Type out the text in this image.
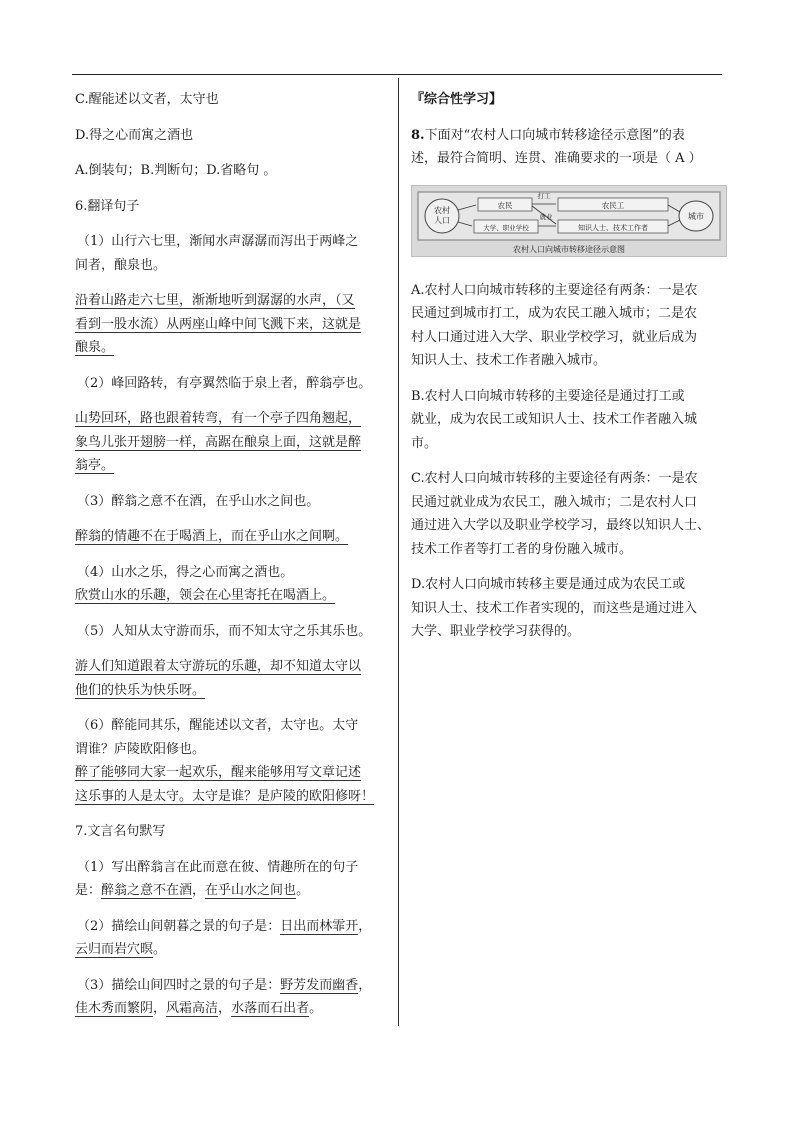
C.醒能述以文者，太守也

D.得之心而寓之酒也

A.倒装句；B.判断句；D.省略句 。

6.翻译句子

（1）山行六七里，渐闻水声潺潺而泻出于两峰之

间者，酿泉也。

沿着山路走六七里，渐渐地听到潺潺的水声，（又

看到一股水流）从两座山峰中间飞溅下来，这就是

酿泉。

（2）峰回路转，有亭翼然临于泉上者，醉翁亭也。

山势回环，路也跟着转弯，有一个亭子四角翘起，

象鸟儿张开翅膀一样，高踞在酿泉上面，这就是醉

翁亭。

（3）醉翁之意不在酒，在乎山水之间也。

醉翁的情趣不在于喝酒上，而在乎山水之间啊。

（4）山水之乐，得之心而寓之酒也。

欣赏山水的乐趣，领会在心里寄托在喝酒上。

（5）人知从太守游而乐，而不知太守之乐其乐也。

游人们知道跟着太守游玩的乐趣，却不知道太守以

他们的快乐为快乐呀。

（6）醉能同其乐，醒能述以文者，太守也。太守

谓谁？庐陵欧阳修也。

醉了能够同大家一起欢乐，醒来能够用写文章记述

这乐事的人是太守。太守是谁？是庐陵的欧阳修呀！

7.文言名句默写

（1）写出醉翁言在此而意在彼、情趣所在的句子

是：醉翁之意不在酒，在乎山水之间也。

（2）描绘山间朝暮之景的句子是：日出而林霏开，

云归而岩穴暝。

（3）描绘山间四时之景的句子是：野芳发而幽香，

佳木秀而繁阴，风霜高洁，水落而石出者。

『综合性学习】

8.下面对“农村人口向城市转移途径示意图”的表

述，最符合简明、连贯、准确要求的一项是（ A ）

农村
人口	城市
农民	农民工
大学、职业学校	知识人士、技术工作者
打工
就业
农村人口向城市转移途径示意图

A.农村人口向城市转移的主要途径有两条：一是农

民通过到城市打工，成为农民工融入城市；二是农

村人口通过进入大学、职业学校学习，就业后成为

知识人士、技术工作者融入城市。

B.农村人口向城市转移的主要途径是通过打工或

就业，成为农民工或知识人士、技术工作者融入城

市。

C.农村人口向城市转移的主要途径有两条：一是农

民通过就业成为农民工，融入城市；二是农村人口

通过进入大学以及职业学校学习，最终以知识人士、

技术工作者等打工者的身份融入城市。

D.农村人口向城市转移主要是通过成为农民工或

知识人士、技术工作者实现的，而这些是通过进入

大学、职业学校学习获得的。
